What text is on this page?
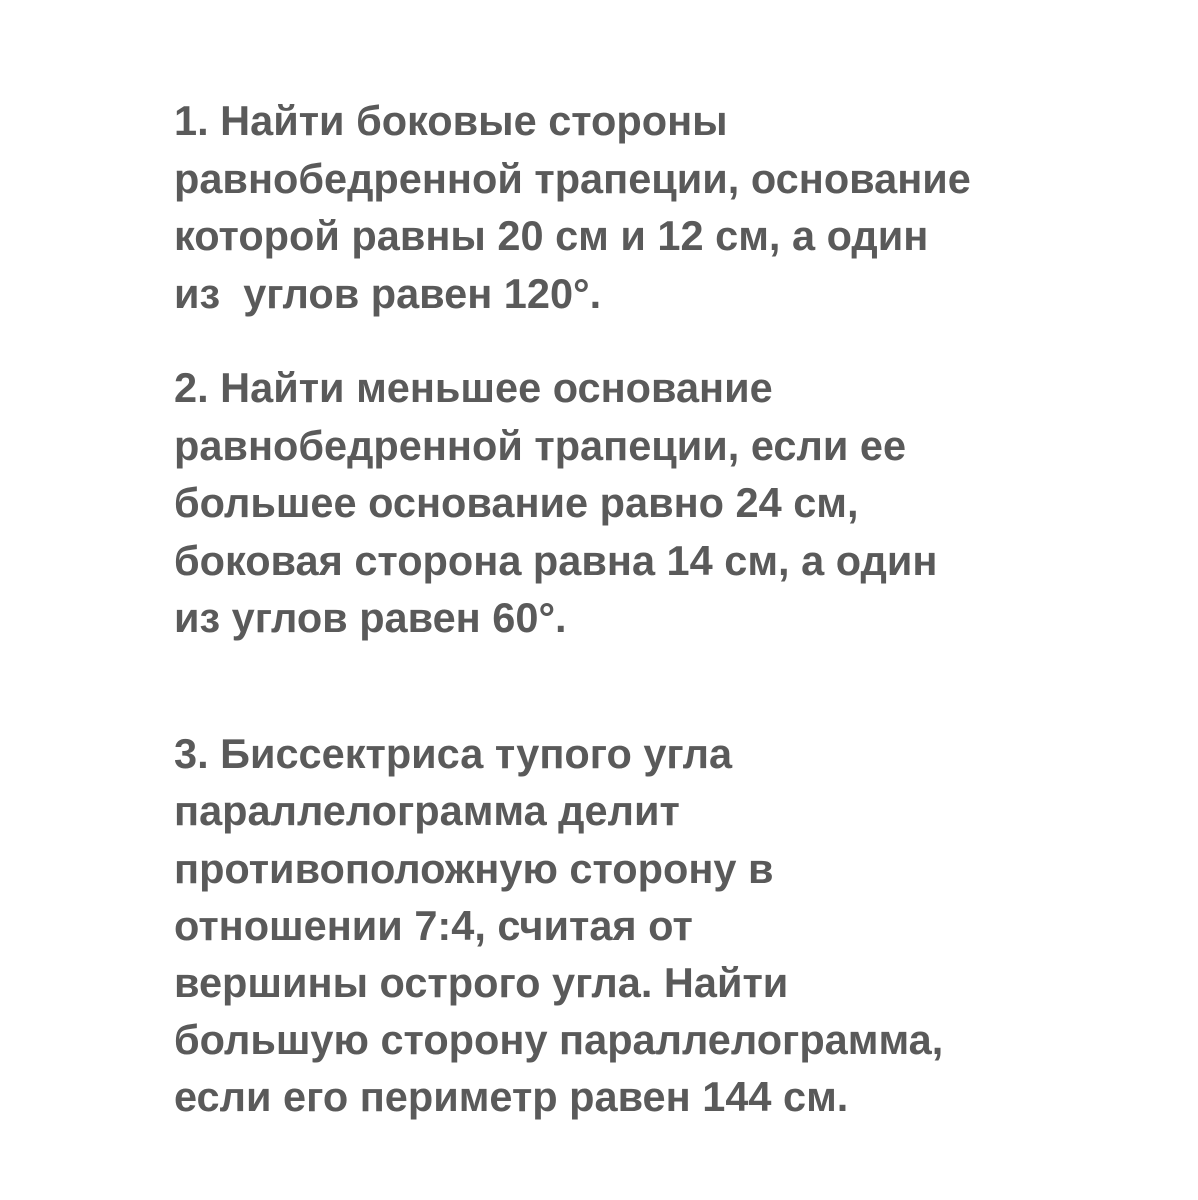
1. Найти боковые стороны

равнобедренной трапеции, основание

которой равны 20 см и 12 см, а один

из  углов равен 120°.

2. Найти меньшее основание

равнобедренной трапеции, если ее

большее основание равно 24 см,

боковая сторона равна 14 см, а один

из углов равен 60°.

3. Биссектриса тупого угла

параллелограмма делит

противоположную сторону в

отношении 7:4, считая от

вершины острого угла. Найти

большую сторону параллелограмма,

если его периметр равен 144 см.
